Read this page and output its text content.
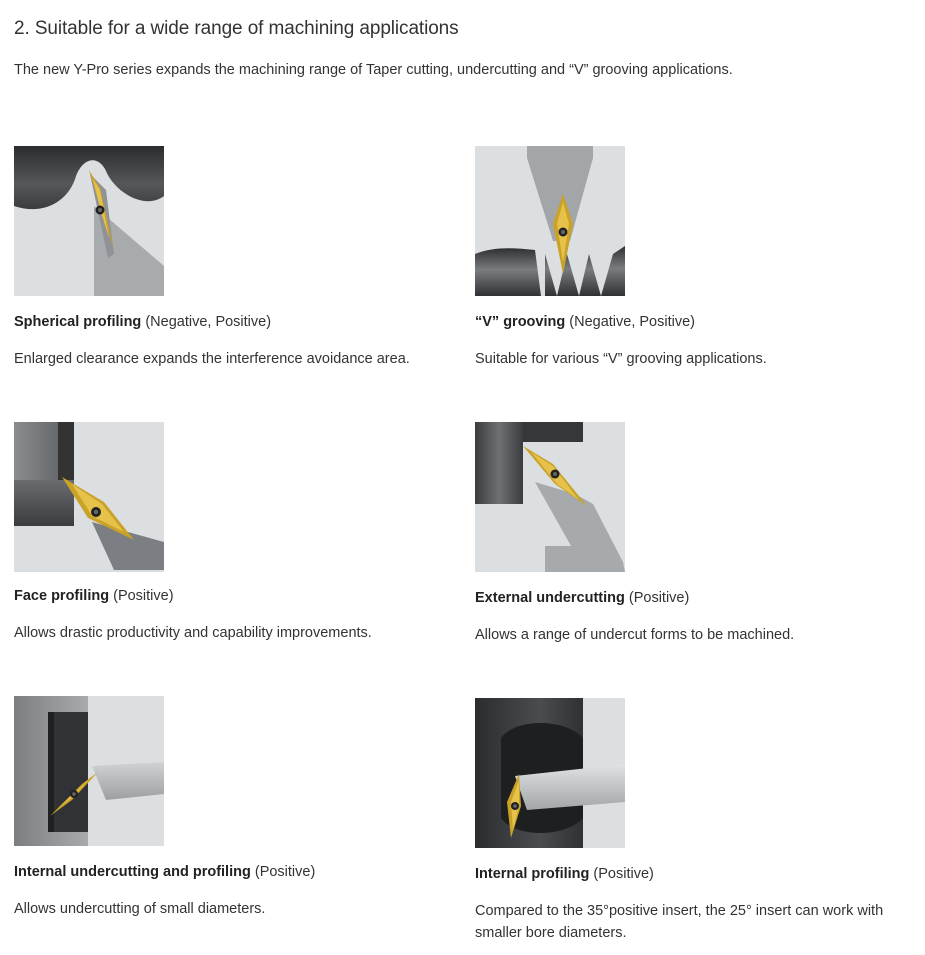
2. Suitable for a wide range of machining applications

The new Y-Pro series expands the machining range of Taper cutting, undercutting and “V” grooving applications.

Spherical profiling (Negative, Positive)
Enlarged clearance expands the interference avoidance area.
“V” grooving (Negative, Positive)
Suitable for various “V” grooving applications.
Face profiling (Positive)
Allows drastic productivity and capability improvements.
External undercutting (Positive)
Allows a range of undercut forms to be machined.
Internal undercutting and profiling (Positive)
Allows undercutting of small diameters.
Internal profiling (Positive)
Compared to the 35°positive insert, the 25° insert can work with smaller bore diameters.
